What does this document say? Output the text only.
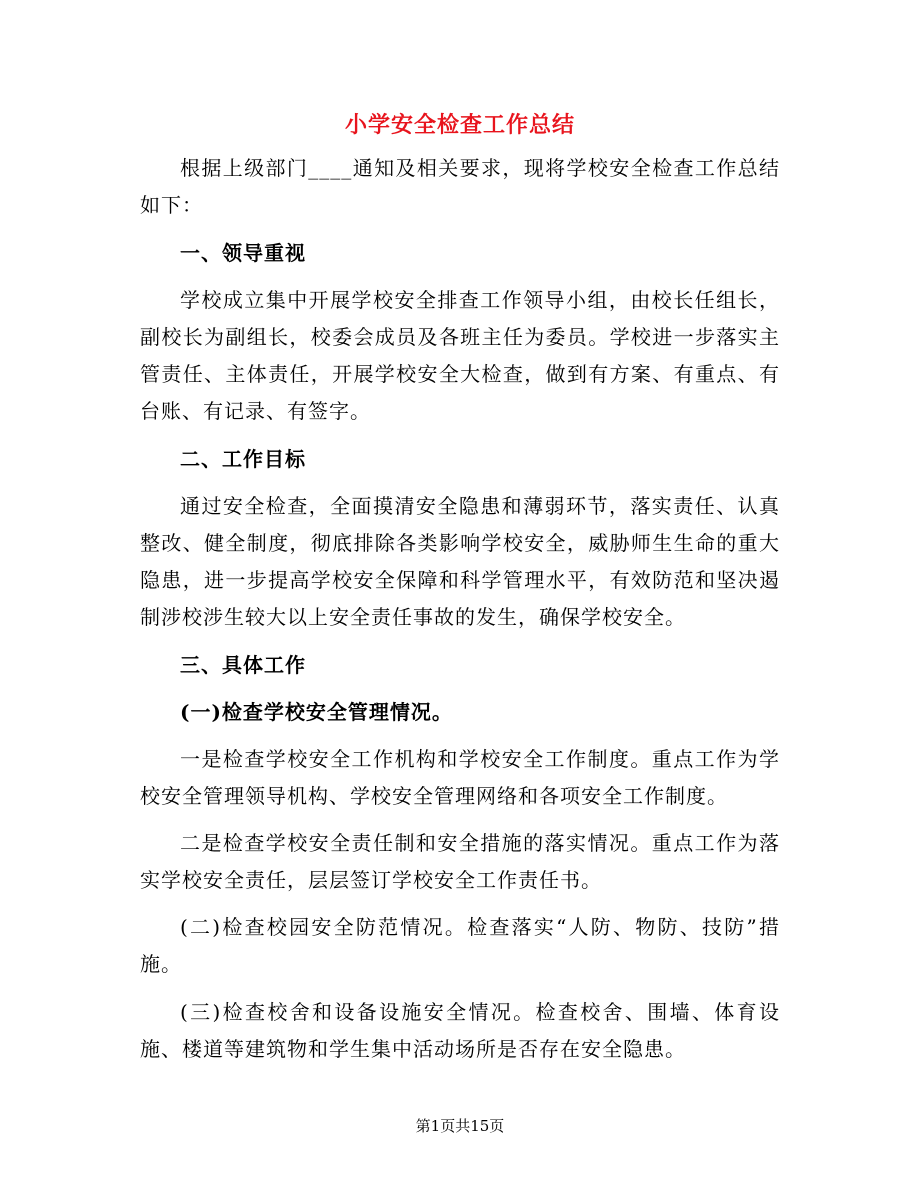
小学安全检查工作总结

根据上级部门____通知及相关要求，现将学校安全检查工作总结如下：

一、领导重视

学校成立集中开展学校安全排查工作领导小组，由校长任组长，副校长为副组长，校委会成员及各班主任为委员。学校进一步落实主管责任、主体责任，开展学校安全大检查，做到有方案、有重点、有台账、有记录、有签字。

二、工作目标

通过安全检查，全面摸清安全隐患和薄弱环节，落实责任、认真整改、健全制度，彻底排除各类影响学校安全，威胁师生生命的重大隐患，进一步提高学校安全保障和科学管理水平，有效防范和坚决遏制涉校涉生较大以上安全责任事故的发生，确保学校安全。

三、具体工作

(一)检查学校安全管理情况。

一是检查学校安全工作机构和学校安全工作制度。重点工作为学校安全管理领导机构、学校安全管理网络和各项安全工作制度。

二是检查学校安全责任制和安全措施的落实情况。重点工作为落实学校安全责任，层层签订学校安全工作责任书。

(二)检查校园安全防范情况。检查落实“人防、物防、技防”措施。

(三)检查校舍和设备设施安全情况。检查校舍、围墙、体育设施、楼道等建筑物和学生集中活动场所是否存在安全隐患。

第1页共15页
